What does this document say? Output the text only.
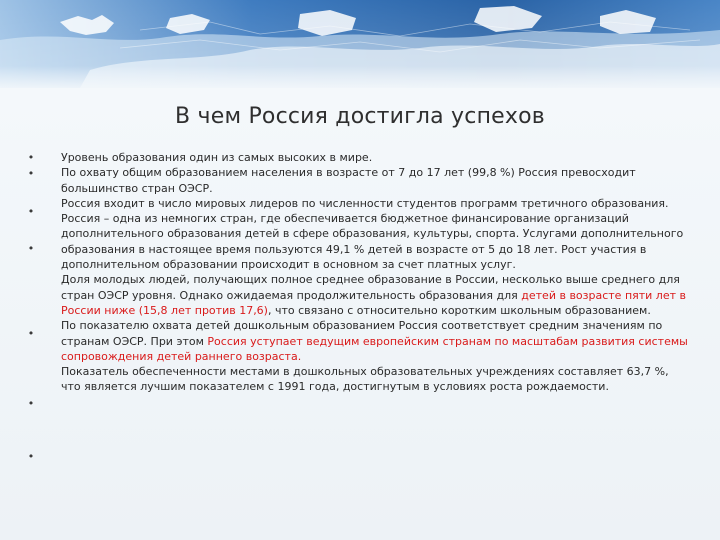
В чем Россия достигла успехов
•
•
•
•
•
•
•

Уровень образования один из самых высоких в мире.

По охвату общим образованием населения в возрасте от 7 до 17 лет (99,8 %) Россия превосходит большинство стран ОЭСР.

Россия входит в число мировых лидеров по численности студентов программ третичного образования.

Россия – одна из немногих стран, где обеспечивается бюджетное финансирование организаций дополнительного образования детей в сфере образования, культуры, спорта. Услугами дополнительного образования в настоящее время пользуются 49,1 % детей в возрасте от 5 до 18 лет. Рост участия в дополнительном образовании происходит в основном за счет платных услуг.

Доля молодых людей, получающих полное среднее образование в России, несколько выше среднего для стран ОЭСР уровня. Однако ожидаемая продолжительность образования для детей в возрасте пяти лет в России ниже (15,8 лет против 17,6), что связано с относительно коротким школьным образованием.

По показателю охвата детей дошкольным образованием Россия соответствует средним значениям по странам ОЭСР. При этом Россия уступает ведущим европейским странам по масштабам развития системы сопровождения детей раннего возраста.

Показатель обеспеченности местами в дошкольных образовательных учреждениях составляет 63,7 %, что является лучшим показателем с 1991 года, достигнутым в условиях роста рождаемости.
